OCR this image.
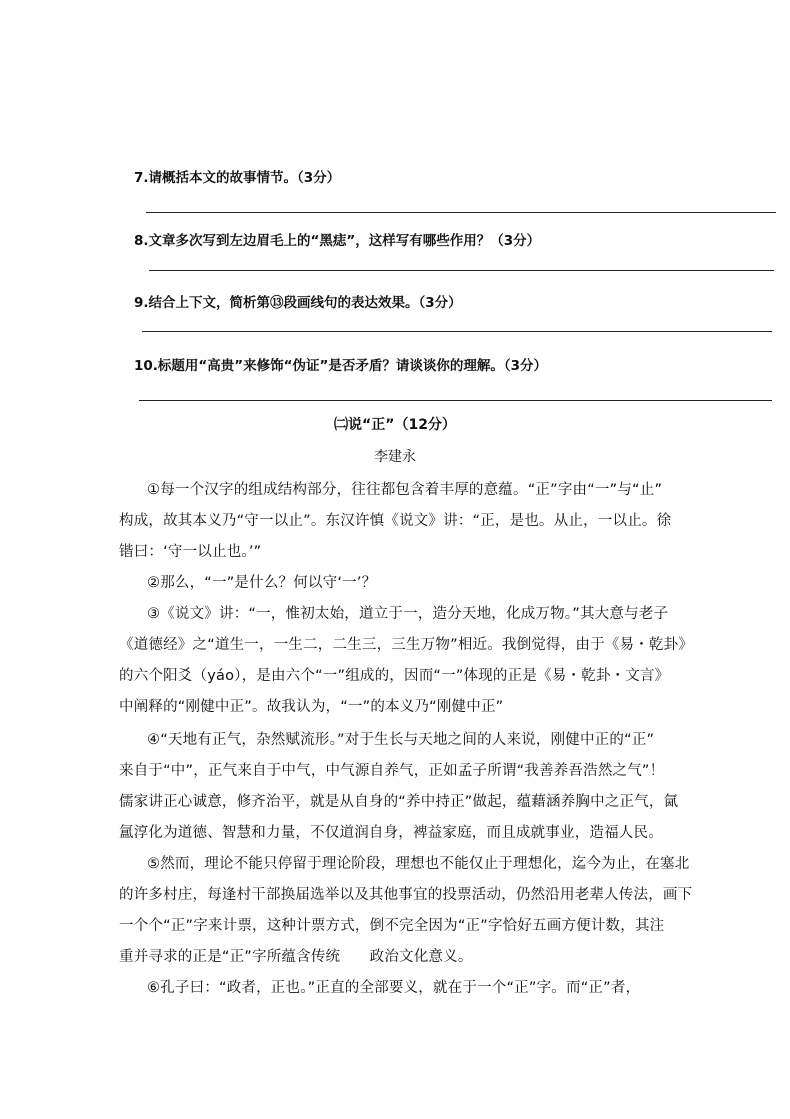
7.请概括本文的故事情节。（3分）
8.文章多次写到左边眉毛上的“黑痣”，这样写有哪些作用？（3分）
9.结合上下文，简析第⑬段画线句的表达效果。（3分）
10.标题用“高贵”来修饰“伪证”是否矛盾？请谈谈你的理解。（3分）
㈡说“正”（12分）
李建永
①每一个汉字的组成结构部分，往往都包含着丰厚的意蕴。“正”字由“一”与“止”
构成，故其本义乃“守一以止”。东汉许慎《说文》讲：“正，是也。从止，一以止。徐
锴曰：‘守一以止也。’”
②那么，“一”是什么？何以守‘一’？
③《说文》讲：“一，惟初太始，道立于一，造分天地，化成万物。”其大意与老子
《道德经》之“道生一，一生二，二生三，三生万物”相近。我倒觉得，由于《易・乾卦》
的六个阳爻（yáo），是由六个“一”组成的，因而“一”体现的正是《易・乾卦・文言》
中阐释的“刚健中正”。故我认为，“一”的本义乃“刚健中正”
④“天地有正气，杂然赋流形。”对于生长与天地之间的人来说，刚健中正的“正”
来自于“中”，正气来自于中气，中气源自养气，正如孟子所谓“我善养吾浩然之气”！
儒家讲正心诚意，修齐治平，就是从自身的“养中持正”做起，蕴藉涵养胸中之正气，氤
氲淳化为道德、智慧和力量，不仅道润自身，裨益家庭，而且成就事业，造福人民。
⑤然而，理论不能只停留于理论阶段，理想也不能仅止于理想化，迄今为止，在塞北
的许多村庄，每逢村干部换届选举以及其他事宜的投票活动，仍然沿用老辈人传法，画下
一个个“正”字来计票，这种计票方式，倒不完全因为“正”字恰好五画方便计数，其注
重并寻求的正是“正”字所蕴含传统　　政治文化意义。
⑥孔子曰：“政者，正也。”正直的全部要义，就在于一个“正”字。而“正”者，
